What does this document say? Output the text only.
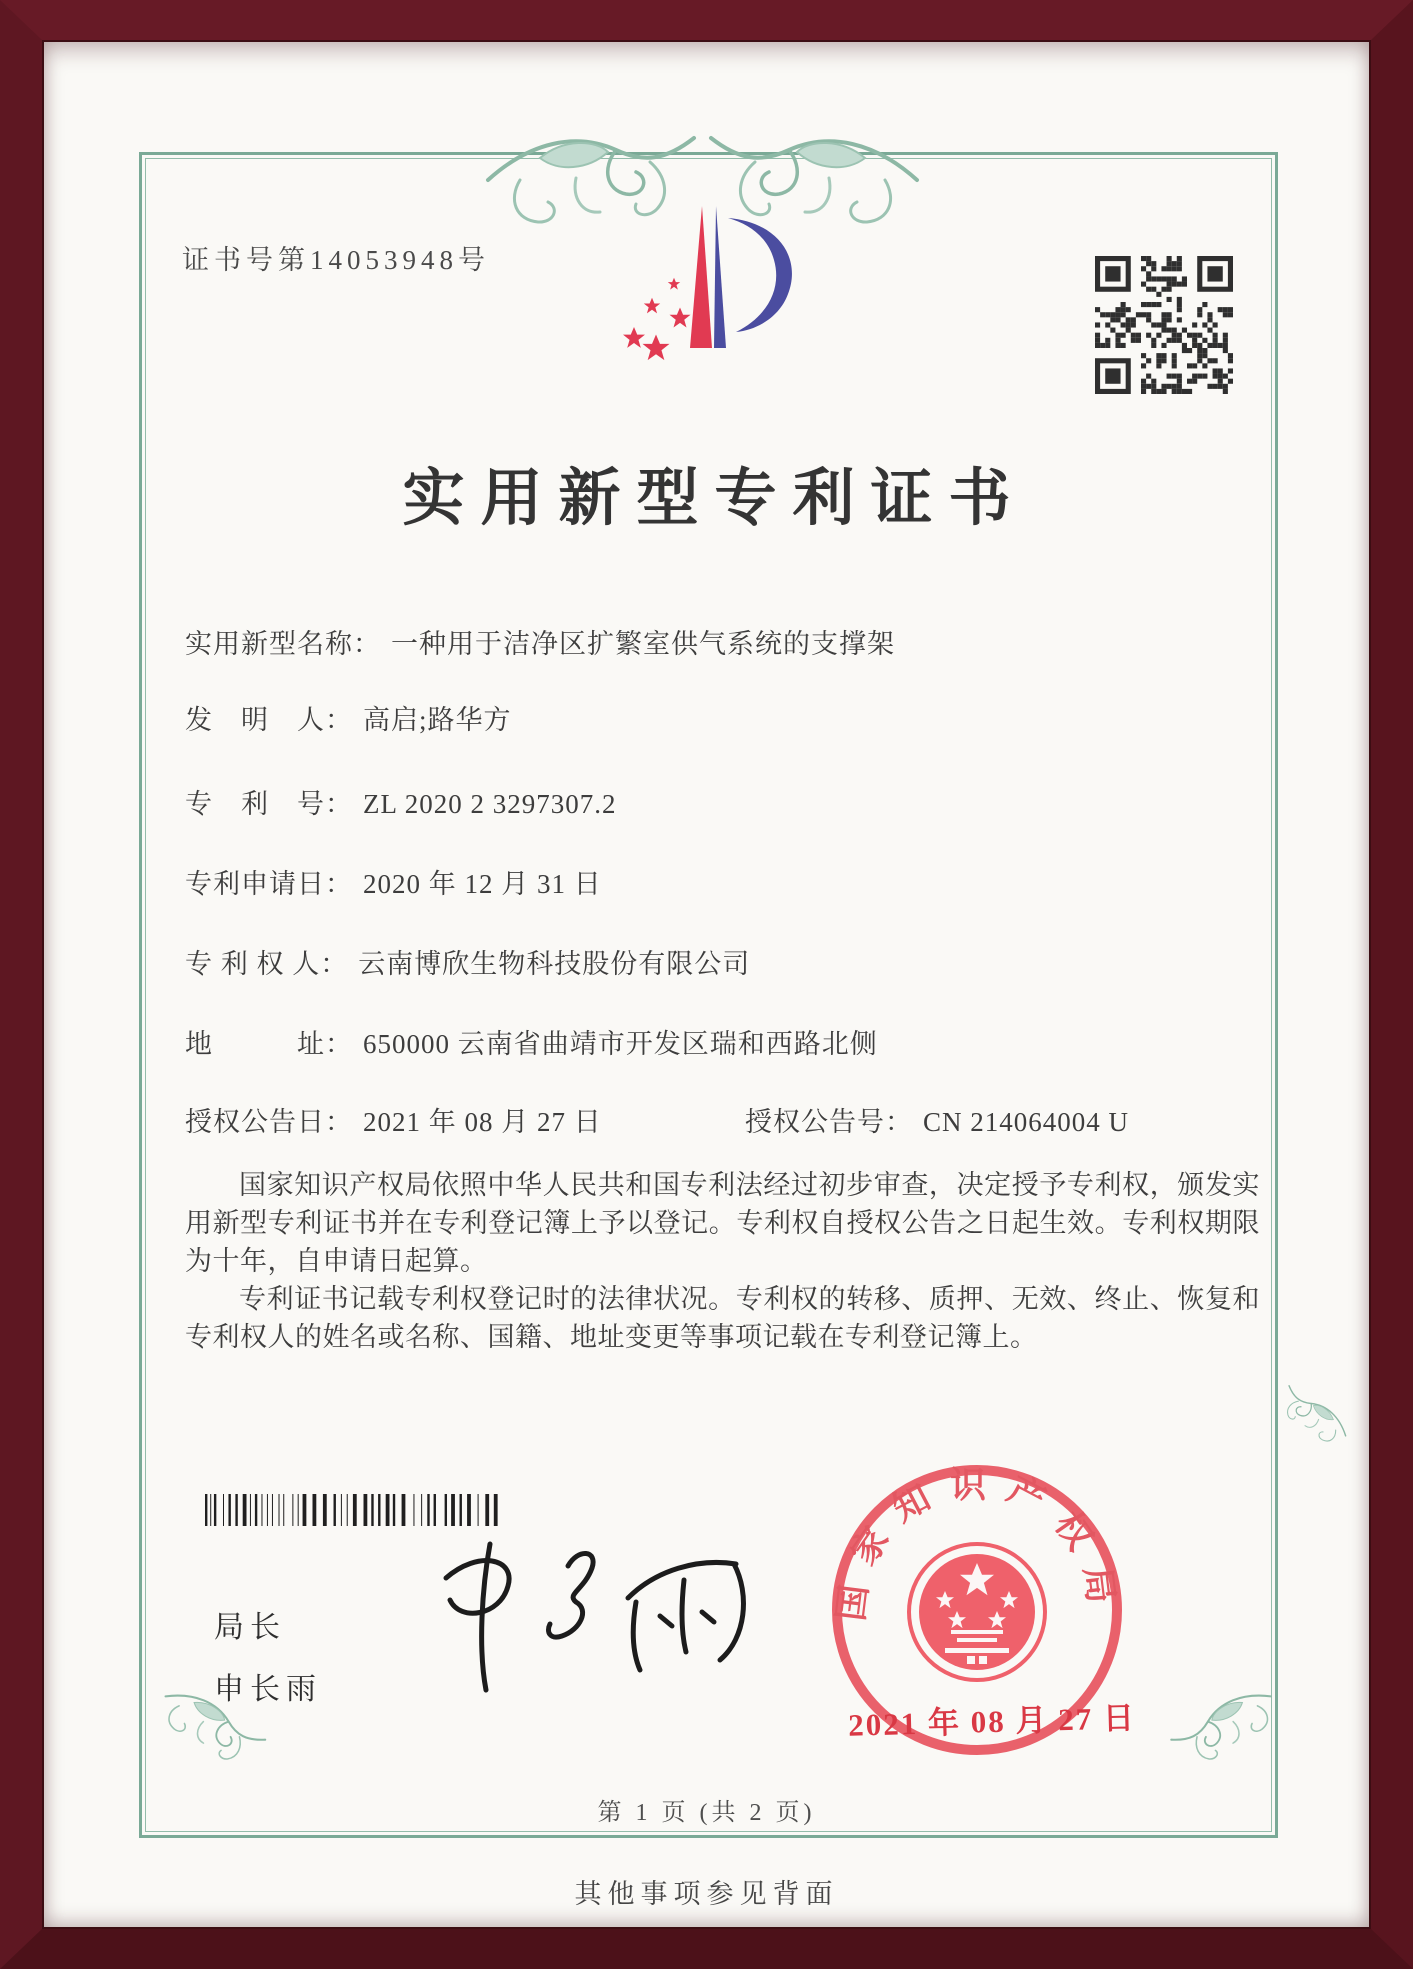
证书号第14053948号
实用新型专利证书
实用新型名称： 一种用于洁净区扩繁室供气系统的支撑架
发　明　人： 高启;路华方
专　利　号： ZL 2020 2 3297307.2
专利申请日： 2020 年 12 月 31 日
专 利 权 人： 云南博欣生物科技股份有限公司
地　　　址： 650000 云南省曲靖市开发区瑞和西路北侧
授权公告日： 2021 年 08 月 27 日	授权公告号： CN 214064004 U

国家知识产权局依照中华人民共和国专利法经过初步审查，决定授予专利权，颁发实用新型专利证书并在专利登记簿上予以登记。专利权自授权公告之日起生效。专利权期限为十年，自申请日起算。

专利证书记载专利权登记时的法律状况。专利权的转移、质押、无效、终止、恢复和专利权人的姓名或名称、国籍、地址变更等事项记载在专利登记簿上。

局长
申长雨
国家知识产权局
2021 年 08 月 27 日
第 1 页 (共 2 页)
其他事项参见背面
